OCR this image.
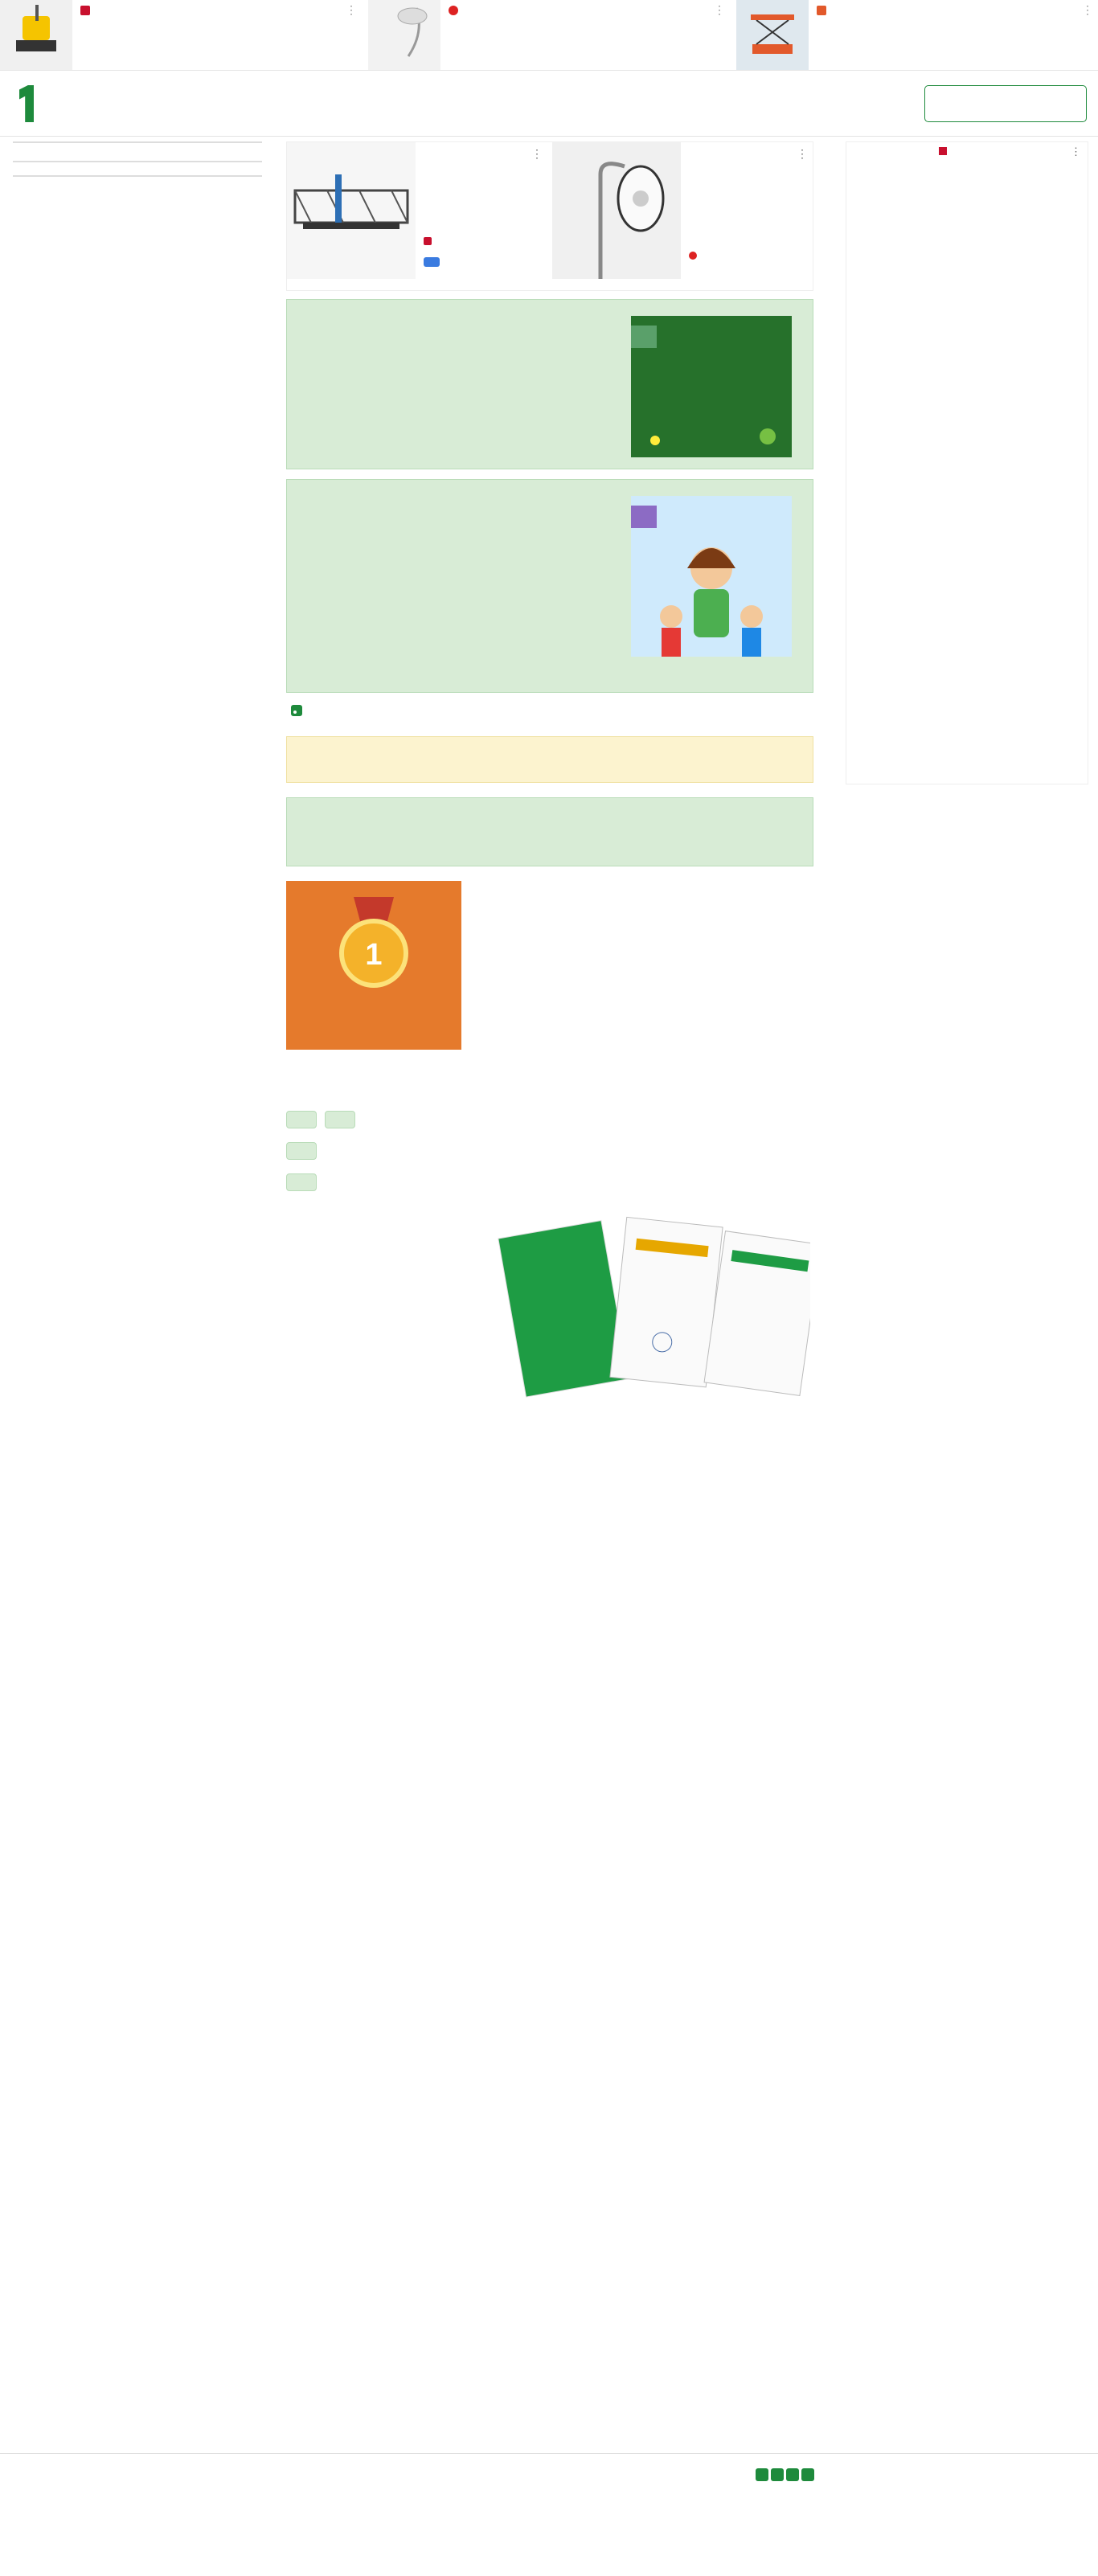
⋮	⋮	⋮
⋮	⋮
1

⋮
